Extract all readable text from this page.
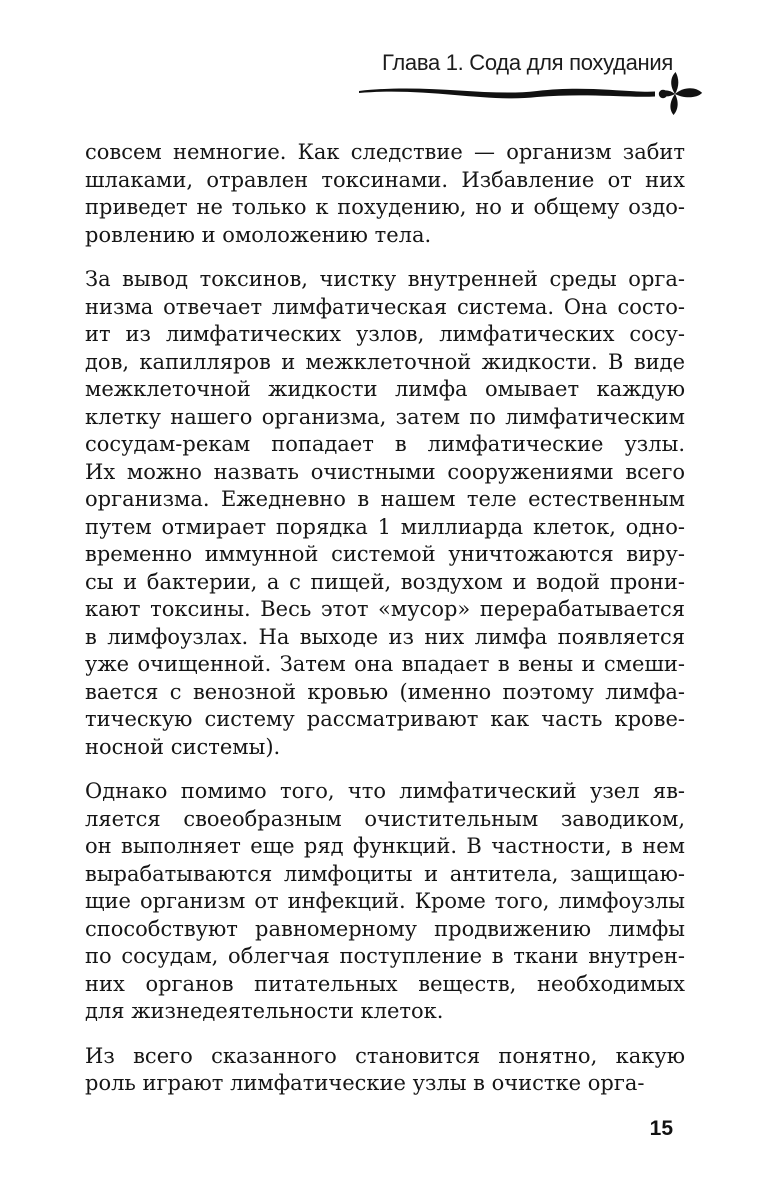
Глава 1. Сода для похудания
совсем немногие. Как следствие — организм забит
шлаками, отравлен токсинами. Избавление от них
приведет не только к похудению, но и общему оздо-
ровлению и омоложению тела.
За вывод токсинов, чистку внутренней среды орга-
низма отвечает лимфатическая система. Она состо-
ит из лимфатических узлов, лимфатических сосу-
дов, капилляров и межклеточной жидкости. В виде
межклеточной жидкости лимфа омывает каждую
клетку нашего организма, затем по лимфатическим
сосудам-рекам попадает в лимфатические узлы.
Их можно назвать очистными сооружениями всего
организма. Ежедневно в нашем теле естественным
путем отмирает порядка 1 миллиарда клеток, одно-
временно иммунной системой уничтожаются виру-
сы и бактерии, а с пищей, воздухом и водой прони-
кают токсины. Весь этот «мусор» перерабатывается
в лимфоузлах. На выходе из них лимфа появляется
уже очищенной. Затем она впадает в вены и смеши-
вается с венозной кровью (именно поэтому лимфа-
тическую систему рассматривают как часть крове-
носной системы).
Однако помимо того, что лимфатический узел яв-
ляется своеобразным очистительным заводиком,
он выполняет еще ряд функций. В частности, в нем
вырабатываются лимфоциты и антитела, защищаю-
щие организм от инфекций. Кроме того, лимфоузлы
способствуют равномерному продвижению лимфы
по сосудам, облегчая поступление в ткани внутрен-
них органов питательных веществ, необходимых
для жизнедеятельности клеток.
Из всего сказанного становится понятно, какую
роль играют лимфатические узлы в очистке орга-
15
